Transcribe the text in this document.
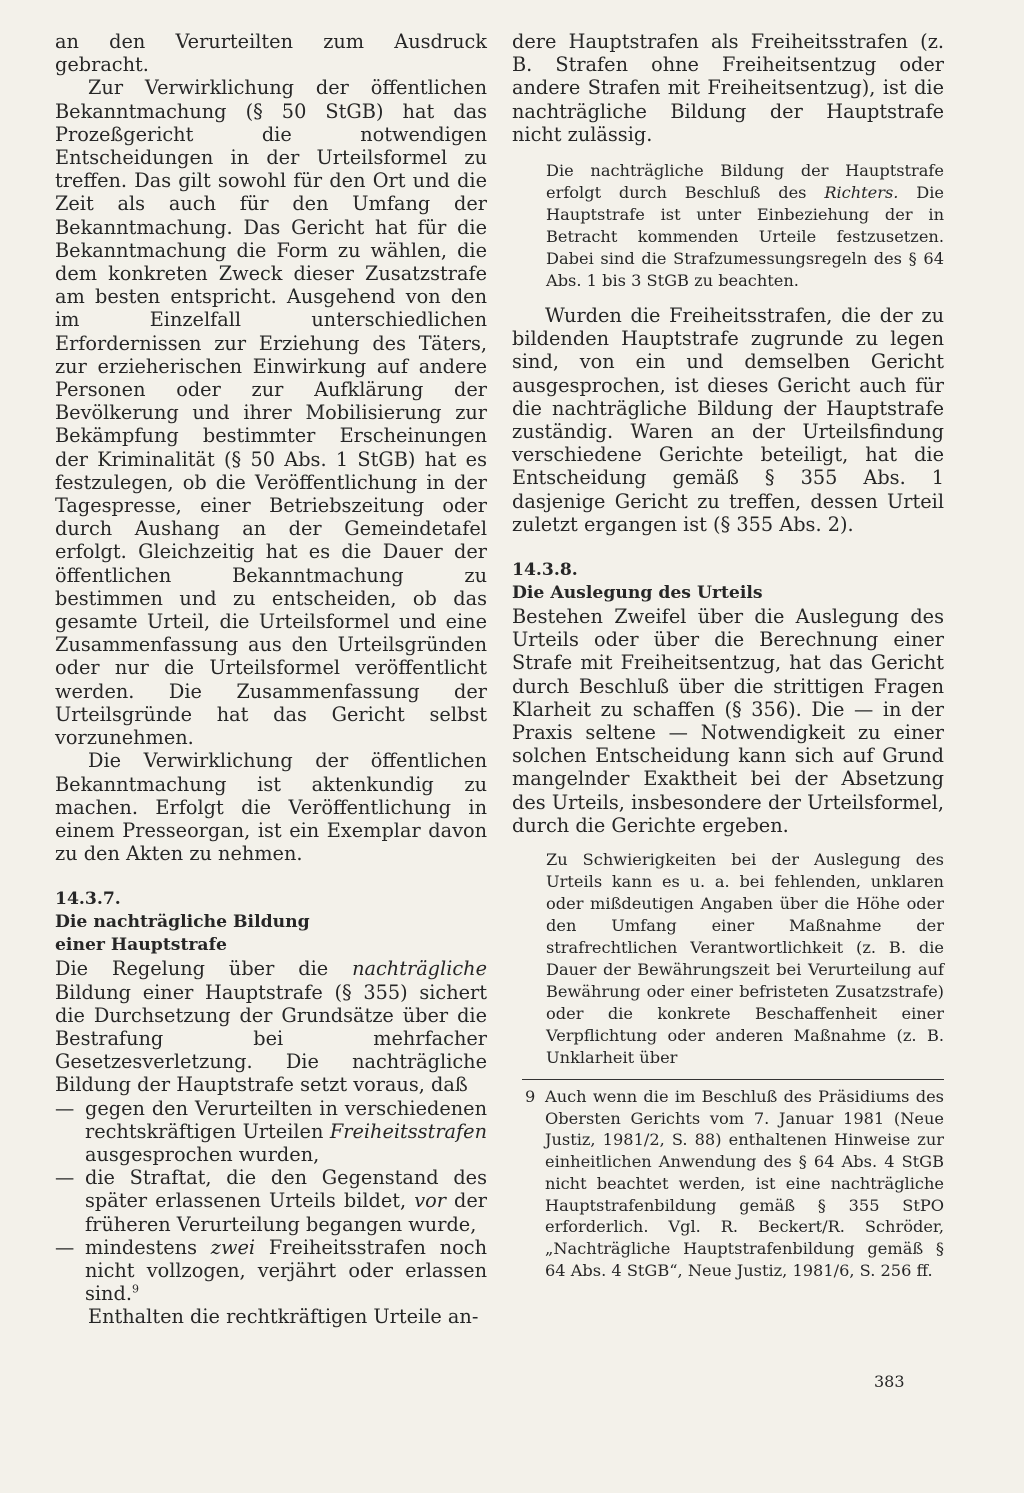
an den Verurteilten zum Ausdruck gebracht.

Zur Verwirklichung der öffentlichen Bekanntmachung (§ 50 StGB) hat das Prozeßgericht die notwendigen Entscheidungen in der Urteilsformel zu treffen. Das gilt sowohl für den Ort und die Zeit als auch für den Umfang der Bekanntmachung. Das Gericht hat für die Bekanntmachung die Form zu wählen, die dem konkreten Zweck dieser Zusatzstrafe am besten entspricht. Ausgehend von den im Einzelfall unterschiedlichen Erfordernissen zur Erziehung des Täters, zur erzieherischen Einwirkung auf andere Personen oder zur Aufklärung der Bevölkerung und ihrer Mobilisierung zur Bekämpfung bestimmter Erscheinungen der Kriminalität (§ 50 Abs. 1 StGB) hat es festzulegen, ob die Veröffentlichung in der Tagespresse, einer Betriebszeitung oder durch Aushang an der Gemeindetafel erfolgt. Gleichzeitig hat es die Dauer der öffentlichen Bekanntmachung zu bestimmen und zu entscheiden, ob das gesamte Urteil, die Urteilsformel und eine Zusammenfassung aus den Urteilsgründen oder nur die Urteilsformel veröffentlicht werden. Die Zusammenfassung der Urteilsgründe hat das Gericht selbst vorzunehmen.

Die Verwirklichung der öffentlichen Bekanntmachung ist aktenkundig zu machen. Erfolgt die Veröffentlichung in einem Presseorgan, ist ein Exemplar davon zu den Akten zu nehmen.

14.3.7.
Die nachträgliche Bildung
einer Hauptstrafe

Die Regelung über die nachträgliche Bildung einer Hauptstrafe (§ 355) sichert die Durchsetzung der Grundsätze über die Bestrafung bei mehrfacher Gesetzesverletzung. Die nachträgliche Bildung der Hauptstrafe setzt voraus, daß

— gegen den Verurteilten in verschiedenen rechtskräftigen Urteilen Freiheitsstrafen ausgesprochen wurden,
— die Straftat, die den Gegenstand des später erlassenen Urteils bildet, vor der früheren Verurteilung begangen wurde,
— mindestens zwei Freiheitsstrafen noch nicht vollzogen, verjährt oder erlassen sind.$^9$

Enthalten die rechtkräftigen Urteile an-

dere Hauptstrafen als Freiheitsstrafen (z. B. Strafen ohne Freiheitsentzug oder andere Strafen mit Freiheitsentzug), ist die nachträgliche Bildung der Hauptstrafe nicht zulässig.

Die nachträgliche Bildung der Hauptstrafe erfolgt durch Beschluß des Richters. Die Hauptstrafe ist unter Einbeziehung der in Betracht kommenden Urteile festzusetzen. Dabei sind die Strafzumessungsregeln des § 64 Abs. 1 bis 3 StGB zu beachten.

Wurden die Freiheitsstrafen, die der zu bildenden Hauptstrafe zugrunde zu legen sind, von ein und demselben Gericht ausgesprochen, ist dieses Gericht auch für die nachträgliche Bildung der Hauptstrafe zuständig. Waren an der Urteilsfindung verschiedene Gerichte beteiligt, hat die Entscheidung gemäß § 355 Abs. 1 dasjenige Gericht zu treffen, dessen Urteil zuletzt ergangen ist (§ 355 Abs. 2).

14.3.8.
Die Auslegung des Urteils

Bestehen Zweifel über die Auslegung des Urteils oder über die Berechnung einer Strafe mit Freiheitsentzug, hat das Gericht durch Beschluß über die strittigen Fragen Klarheit zu schaffen (§ 356). Die — in der Praxis seltene — Notwendigkeit zu einer solchen Entscheidung kann sich auf Grund mangelnder Exaktheit bei der Absetzung des Urteils, insbesondere der Urteilsformel, durch die Gerichte ergeben.

Zu Schwierigkeiten bei der Auslegung des Urteils kann es u. a. bei fehlenden, unklaren oder mißdeutigen Angaben über die Höhe oder den Umfang einer Maßnahme der strafrechtlichen Verantwortlichkeit (z. B. die Dauer der Bewährungszeit bei Verurteilung auf Bewährung oder einer befristeten Zusatzstrafe) oder die konkrete Beschaffenheit einer Verpflichtung oder anderen Maßnahme (z. B. Unklarheit über

9 Auch wenn die im Beschluß des Präsidiums des Obersten Gerichts vom 7. Januar 1981 (Neue Justiz, 1981/2, S. 88) enthaltenen Hinweise zur einheitlichen Anwendung des § 64 Abs. 4 StGB nicht beachtet werden, ist eine nachträgliche Hauptstrafenbildung gemäß § 355 StPO erforderlich. Vgl. R. Beckert/R. Schröder, „Nachträgliche Hauptstrafenbildung gemäß § 64 Abs. 4 StGB“, Neue Justiz, 1981/6, S. 256 ff.
383
